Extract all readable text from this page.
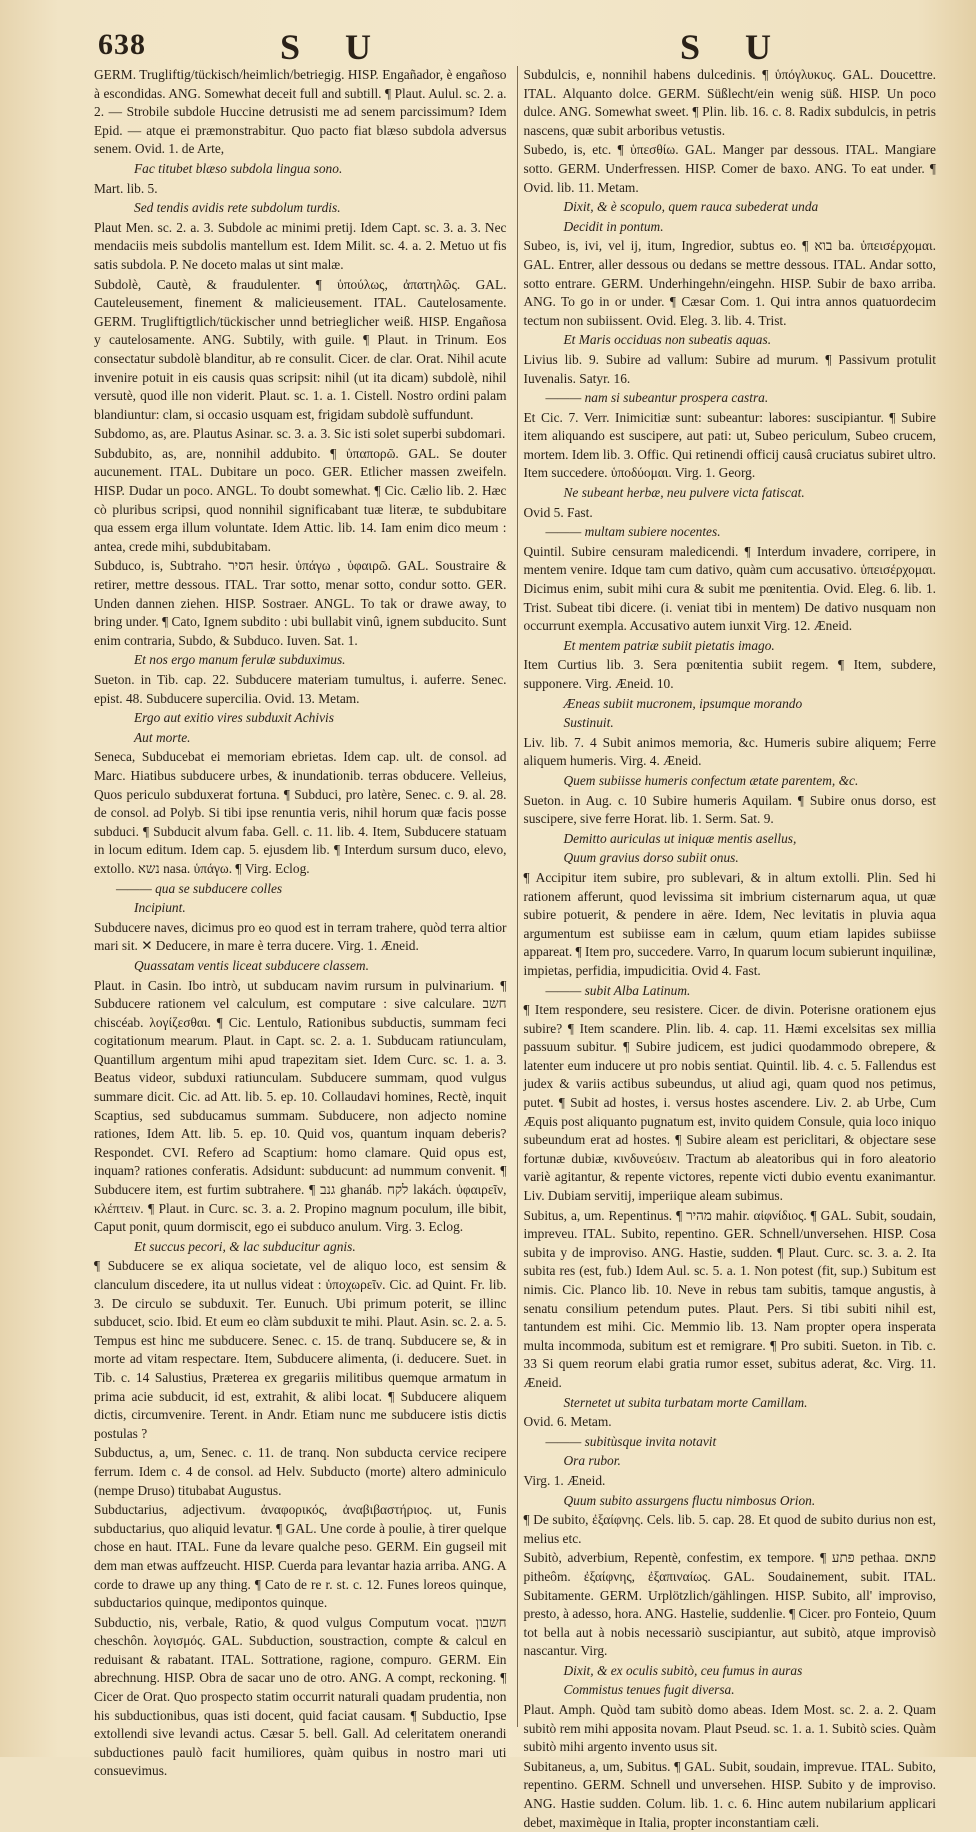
638	S U	S U

GERM. Trugliftig/tückisch/heimlich/betriegig. HISP. Engañador, è engañoso à escondidas. ANG. Somewhat deceit full and subtill. ¶ Plaut. Aulul. sc. 2. a. 2. — Strobile subdole Huccine detrusisti me ad senem parcissimum? Idem Epid. — atque ei præmonstrabitur. Quo pacto fiat blæso subdola adversus senem. Ovid. 1. de Arte,

Fac titubet blæso subdola lingua sono.

Mart. lib. 5.

Sed tendis avidis rete subdolum turdis.

Plaut Men. sc. 2. a. 3. Subdole ac minimi pretij. Idem Capt. sc. 3. a. 3. Nec mendaciis meis subdolis mantellum est. Idem Milit. sc. 4. a. 2. Metuo ut fis satis subdola. P. Ne doceto malas ut sint malæ.

Subdolè, Cautè, & fraudulenter. ¶ ὑπούλως, ἀπατηλῶς. GAL. Cauteleusement, finement & malicieusement. ITAL. Cautelosamente. GERM. Trugliftigtlich/tückischer unnd betrieglicher weiß. HISP. Engañosa y cautelosamente. ANG. Subtily, with guile. ¶ Plaut. in Trinum. Eos consectatur subdolè blanditur, ab re consulit. Cicer. de clar. Orat. Nihil acute invenire potuit in eis causis quas scripsit: nihil (ut ita dicam) subdolè, nihil versutè, quod ille non viderit. Plaut. sc. 1. a. 1. Cistell. Nostro ordini palam blandiuntur: clam, si occasio usquam est, frigidam subdolè suffundunt.

Subdomo, as, are. Plautus Asinar. sc. 3. a. 3. Sic isti solet superbi subdomari.

Subdubito, as, are, nonnihil addubito. ¶ ὑπαπορῶ. GAL. Se douter aucunement. ITAL. Dubitare un poco. GER. Etlicher massen zweifeln. HISP. Dudar un poco. ANGL. To doubt somewhat. ¶ Cic. Cælio lib. 2. Hæc cò pluribus scripsi, quod nonnihil significabant tuæ literæ, te subdubitare qua essem erga illum voluntate. Idem Attic. lib. 14. Iam enim dico meum : antea, crede mihi, subdubitabam.

Subduco, is, Subtraho. הסיר hesir. ὑπάγω , ὑφαιρῶ. GAL. Soustraire & retirer, mettre dessous. ITAL. Trar sotto, menar sotto, condur sotto. GER. Unden dannen ziehen. HISP. Sostraer. ANGL. To tak or drawe away, to bring under. ¶ Cato, Ignem subdito : ubi bullabit vinû, ignem subducito. Sunt enim contraria, Subdo, & Subduco. Iuven. Sat. 1.

Et nos ergo manum ferulæ subduximus.

Sueton. in Tib. cap. 22. Subducere materiam tumultus, i. auferre. Senec. epist. 48. Subducere supercilia. Ovid. 13. Metam.

Ergo aut exitio vires subduxit Achivis

Aut morte.

Seneca, Subducebat ei memoriam ebrietas. Idem cap. ult. de consol. ad Marc. Hiatibus subducere urbes, & inundationib. terras obducere. Velleius, Quos periculo subduxerat fortuna. ¶ Subduci, pro latère, Senec. c. 9. al. 28. de consol. ad Polyb. Si tibi ipse renuntia veris, nihil horum quæ facis posse subduci. ¶ Subducit alvum faba. Gell. c. 11. lib. 4. Item, Subducere statuam in locum editum. Idem cap. 5. ejusdem lib. ¶ Interdum sursum duco, elevo, extollo. נשא nasa. ὑπάγω. ¶ Virg. Eclog.

——— qua se subducere colles

Incipiunt.

Subducere naves, dicimus pro eo quod est in terram trahere, quòd terra altior mari sit. ✕ Deducere, in mare è terra ducere. Virg. 1. Æneid.

Quassatam ventis liceat subducere classem.

Plaut. in Casin. Ibo intrò, ut subducam navim rursum in pulvinarium. ¶ Subducere rationem vel calculum, est computare : sive calculare. חשב chiscéab. λογίζεσθαι. ¶ Cic. Lentulo, Rationibus subductis, summam feci cogitationum mearum. Plaut. in Capt. sc. 2. a. 1. Subducam ratiunculam, Quantillum argentum mihi apud trapezitam siet. Idem Curc. sc. 1. a. 3. Beatus videor, subduxi ratiunculam. Subducere summam, quod vulgus summare dicit. Cic. ad Att. lib. 5. ep. 10. Collaudavi homines, Rectè, inquit Scaptius, sed subducamus summam. Subducere, non adjecto nomine rationes, Idem Att. lib. 5. ep. 10. Quid vos, quantum inquam deberis? Respondet. CVI. Refero ad Scaptium: homo clamare. Quid opus est, inquam? rationes conferatis. Adsidunt: subducunt: ad nummum convenit. ¶ Subducere item, est furtim subtrahere. ¶ גנב ghanáb. לקח lakách. ὑφαιρεῖν, κλέπτειν. ¶ Plaut. in Curc. sc. 3. a. 2. Propino magnum poculum, ille bibit, Caput ponit, quum dormiscit, ego ei subduco anulum. Virg. 3. Eclog.

Et succus pecori, & lac subducitur agnis.

¶ Subducere se ex aliqua societate, vel de aliquo loco, est sensim & clanculum discedere, ita ut nullus videat : ὑποχωρεῖν. Cic. ad Quint. Fr. lib. 3. De circulo se subduxit. Ter. Eunuch. Ubi primum poterit, se illinc subducet, scio. Ibid. Et eum eo clàm subduxit te mihi. Plaut. Asin. sc. 2. a. 5. Tempus est hinc me subducere. Senec. c. 15. de tranq. Subducere se, & in morte ad vitam respectare. Item, Subducere alimenta, (i. deducere. Suet. in Tib. c. 14 Salustius, Præterea ex gregariis militibus quemque armatum in prima acie subducit, id est, extrahit, & alibi locat. ¶ Subducere aliquem dictis, circumvenire. Terent. in Andr. Etiam nunc me subducere istis dictis postulas ?

Subductus, a, um, Senec. c. 11. de tranq. Non subducta cervice recipere ferrum. Idem c. 4 de consol. ad Helv. Subducto (morte) altero adminiculo (nempe Druso) titubabat Augustus.

Subductarius, adjectivum. ἀναφορικός, ἀναβιβαστήριος. ut, Funis subductarius, quo aliquid levatur. ¶ GAL. Une corde à poulie, à tirer quelque chose en haut. ITAL. Fune da levare qualche peso. GERM. Ein gugseil mit dem man etwas auffzeucht. HISP. Cuerda para levantar hazia arriba. ANG. A corde to drawe up any thing. ¶ Cato de re r. st. c. 12. Funes loreos quinque, subductarios quinque, medipontos quinque.

Subductio, nis, verbale, Ratio, & quod vulgus Computum vocat. חשבון cheschôn. λογισμός. GAL. Subduction, soustraction, compte & calcul en reduisant & rabatant. ITAL. Sottratione, ragione, compuro. GERM. Ein abrechnung. HISP. Obra de sacar uno de otro. ANG. A compt, reckoning. ¶ Cicer de Orat. Quo prospecto statim occurrit naturali quadam prudentia, non his subductionibus, quas isti docent, quid faciat causam. ¶ Subductio, Ipse extollendi sive levandi actus. Cæsar 5. bell. Gall. Ad celeritatem onerandi subductiones paulò facit humiliores, quàm quibus in nostro mari uti consuevimus.

Subdulcis, e, nonnihil habens dulcedinis. ¶ ὑπόγλυκυς. GAL. Doucettre. ITAL. Alquanto dolce. GERM. Süßlecht/ein wenig süß. HISP. Un poco dulce. ANG. Somewhat sweet. ¶ Plin. lib. 16. c. 8. Radix subdulcis, in petris nascens, quæ subit arboribus vetustis.

Subedo, is, etc. ¶ ὑπεσθίω. GAL. Manger par dessous. ITAL. Mangiare sotto. GERM. Underfressen. HISP. Comer de baxo. ANG. To eat under. ¶ Ovid. lib. 11. Metam.

Dixit, & è scopulo, quem rauca subederat unda

Decidit in pontum.

Subeo, is, ivi, vel ij, itum, Ingredior, subtus eo. ¶ בוא ba. ὑπεισέρχομαι. GAL. Entrer, aller dessous ou dedans se mettre dessous. ITAL. Andar sotto, sotto entrare. GERM. Underhingehn/eingehn. HISP. Subir de baxo arriba. ANG. To go in or under. ¶ Cæsar Com. 1. Qui intra annos quatuordecim tectum non subiissent. Ovid. Eleg. 3. lib. 4. Trist.

Et Maris occiduas non subeatis aquas.

Livius lib. 9. Subire ad vallum: Subire ad murum. ¶ Passivum protulit Iuvenalis. Satyr. 16.

——— nam si subeantur prospera castra.

Et Cic. 7. Verr. Inimicitiæ sunt: subeantur: labores: suscipiantur. ¶ Subire item aliquando est suscipere, aut pati: ut, Subeo periculum, Subeo crucem, mortem. Idem lib. 3. Offic. Qui retinendi officij causâ cruciatus subiret ultro. Item succedere. ὑποδύομαι. Virg. 1. Georg.

Ne subeant herbæ, neu pulvere victa fatiscat.

Ovid 5. Fast.

——— multam subiere nocentes.

Quintil. Subire censuram maledicendi. ¶ Interdum invadere, corripere, in mentem venire. Idque tam cum dativo, quàm cum accusativo. ὑπεισέρχομαι. Dicimus enim, subit mihi cura & subit me pœnitentia. Ovid. Eleg. 6. lib. 1. Trist. Subeat tibi dicere. (i. veniat tibi in mentem) De dativo nusquam non occurrunt exempla. Accusativo autem iunxit Virg. 12. Æneid.

Et mentem patriæ subiit pietatis imago.

Item Curtius lib. 3. Sera pœnitentia subiit regem. ¶ Item, subdere, supponere. Virg. Æneid. 10.

Æneas subiit mucronem, ipsumque morando

Sustinuit.

Liv. lib. 7. 4 Subit animos memoria, &c. Humeris subire aliquem; Ferre aliquem humeris. Virg. 4. Æneid.

Quem subiisse humeris confectum ætate parentem, &c.

Sueton. in Aug. c. 10 Subire humeris Aquilam. ¶ Subire onus dorso, est suscipere, sive ferre Horat. lib. 1. Serm. Sat. 9.

Demitto auriculas ut iniquæ mentis asellus,

Quum gravius dorso subiit onus.

¶ Accipitur item subire, pro sublevari, & in altum extolli. Plin. Sed hi rationem afferunt, quod levissima sit imbrium cisternarum aqua, ut quæ subire potuerit, & pendere in aëre. Idem, Nec levitatis in pluvia aqua argumentum est subiisse eam in cælum, quum etiam lapides subiisse appareat. ¶ Item pro, succedere. Varro, In quarum locum subierunt inquilinæ, impietas, perfidia, impudicitia. Ovid 4. Fast.

——— subit Alba Latinum.

¶ Item respondere, seu resistere. Cicer. de divin. Poterisne orationem ejus subire? ¶ Item scandere. Plin. lib. 4. cap. 11. Hæmi excelsitas sex millia passuum subitur. ¶ Subire judicem, est judici quodammodo obrepere, & latenter eum inducere ut pro nobis sentiat. Quintil. lib. 4. c. 5. Fallendus est judex & variis actibus subeundus, ut aliud agi, quam quod nos petimus, putet. ¶ Subit ad hostes, i. versus hostes ascendere. Liv. 2. ab Urbe, Cum Æquis post aliquanto pugnatum est, invito quidem Consule, quia loco iniquo subeundum erat ad hostes. ¶ Subire aleam est periclitari, & objectare sese fortunæ dubiæ, κινδυνεύειν. Tractum ab aleatoribus qui in foro aleatorio variè agitantur, & repente victores, repente victi dubio eventu exanimantur. Liv. Dubiam servitij, imperiique aleam subimus.

Subitus, a, um. Repentinus. ¶ מהיר mahir. αἰφνίδιος. ¶ GAL. Subit, soudain, impreveu. ITAL. Subito, repentino. GER. Schnell/unversehen. HISP. Cosa subita y de improviso. ANG. Hastie, sudden. ¶ Plaut. Curc. sc. 3. a. 2. Ita subita res (est, fub.) Idem Aul. sc. 5. a. 1. Non potest (fit, sup.) Subitum est nimis. Cic. Planco lib. 10. Neve in rebus tam subitis, tamque angustis, à senatu consilium petendum putes. Plaut. Pers. Si tibi subiti nihil est, tantundem est mihi. Cic. Memmio lib. 13. Nam propter opera insperata multa incommoda, subitum est et remigrare. ¶ Pro subiti. Sueton. in Tib. c. 33 Si quem reorum elabi gratia rumor esset, subitus aderat, &c. Virg. 11. Æneid.

Sternetet ut subita turbatam morte Camillam.

Ovid. 6. Metam.

——— subitùsque invita notavit

Ora rubor.

Virg. 1. Æneid.

Quum subito assurgens fluctu nimbosus Orion.

¶ De subito, ἐξαίφνης. Cels. lib. 5. cap. 28. Et quod de subito durius non est, melius etc.

Subitò, adverbium, Repentè, confestim, ex tempore. ¶ פתע pethaa. פתאם pitheôm. ἐξαίφνης, ἐξαπιναίως. GAL. Soudainement, subit. ITAL. Subitamente. GERM. Urplötzlich/gählingen. HISP. Subito, all' improviso, presto, à adesso, hora. ANG. Hastelie, suddenlie. ¶ Cicer. pro Fonteio, Quum tot bella aut à nobis necessariò suscipiantur, aut subitò, atque improvisò nascantur. Virg.

Dixit, & ex oculis subitò, ceu fumus in auras

Commistus tenues fugit diversa.

Plaut. Amph. Quòd tam subitò domo abeas. Idem Most. sc. 2. a. 2. Quam subitò rem mihi apposita novam. Plaut Pseud. sc. 1. a. 1. Subitò scies. Quàm subitò mihi argento invento usus sit.

Subitaneus, a, um, Subitus. ¶ GAL. Subit, soudain, imprevue. ITAL. Subito, repentino. GERM. Schnell und unversehen. HISP. Subito y de improviso. ANG. Hastie sudden. Colum. lib. 1. c. 6. Hinc autem nubilarium applicari debet, maximèque in Italia, propter inconstantiam cæli.
